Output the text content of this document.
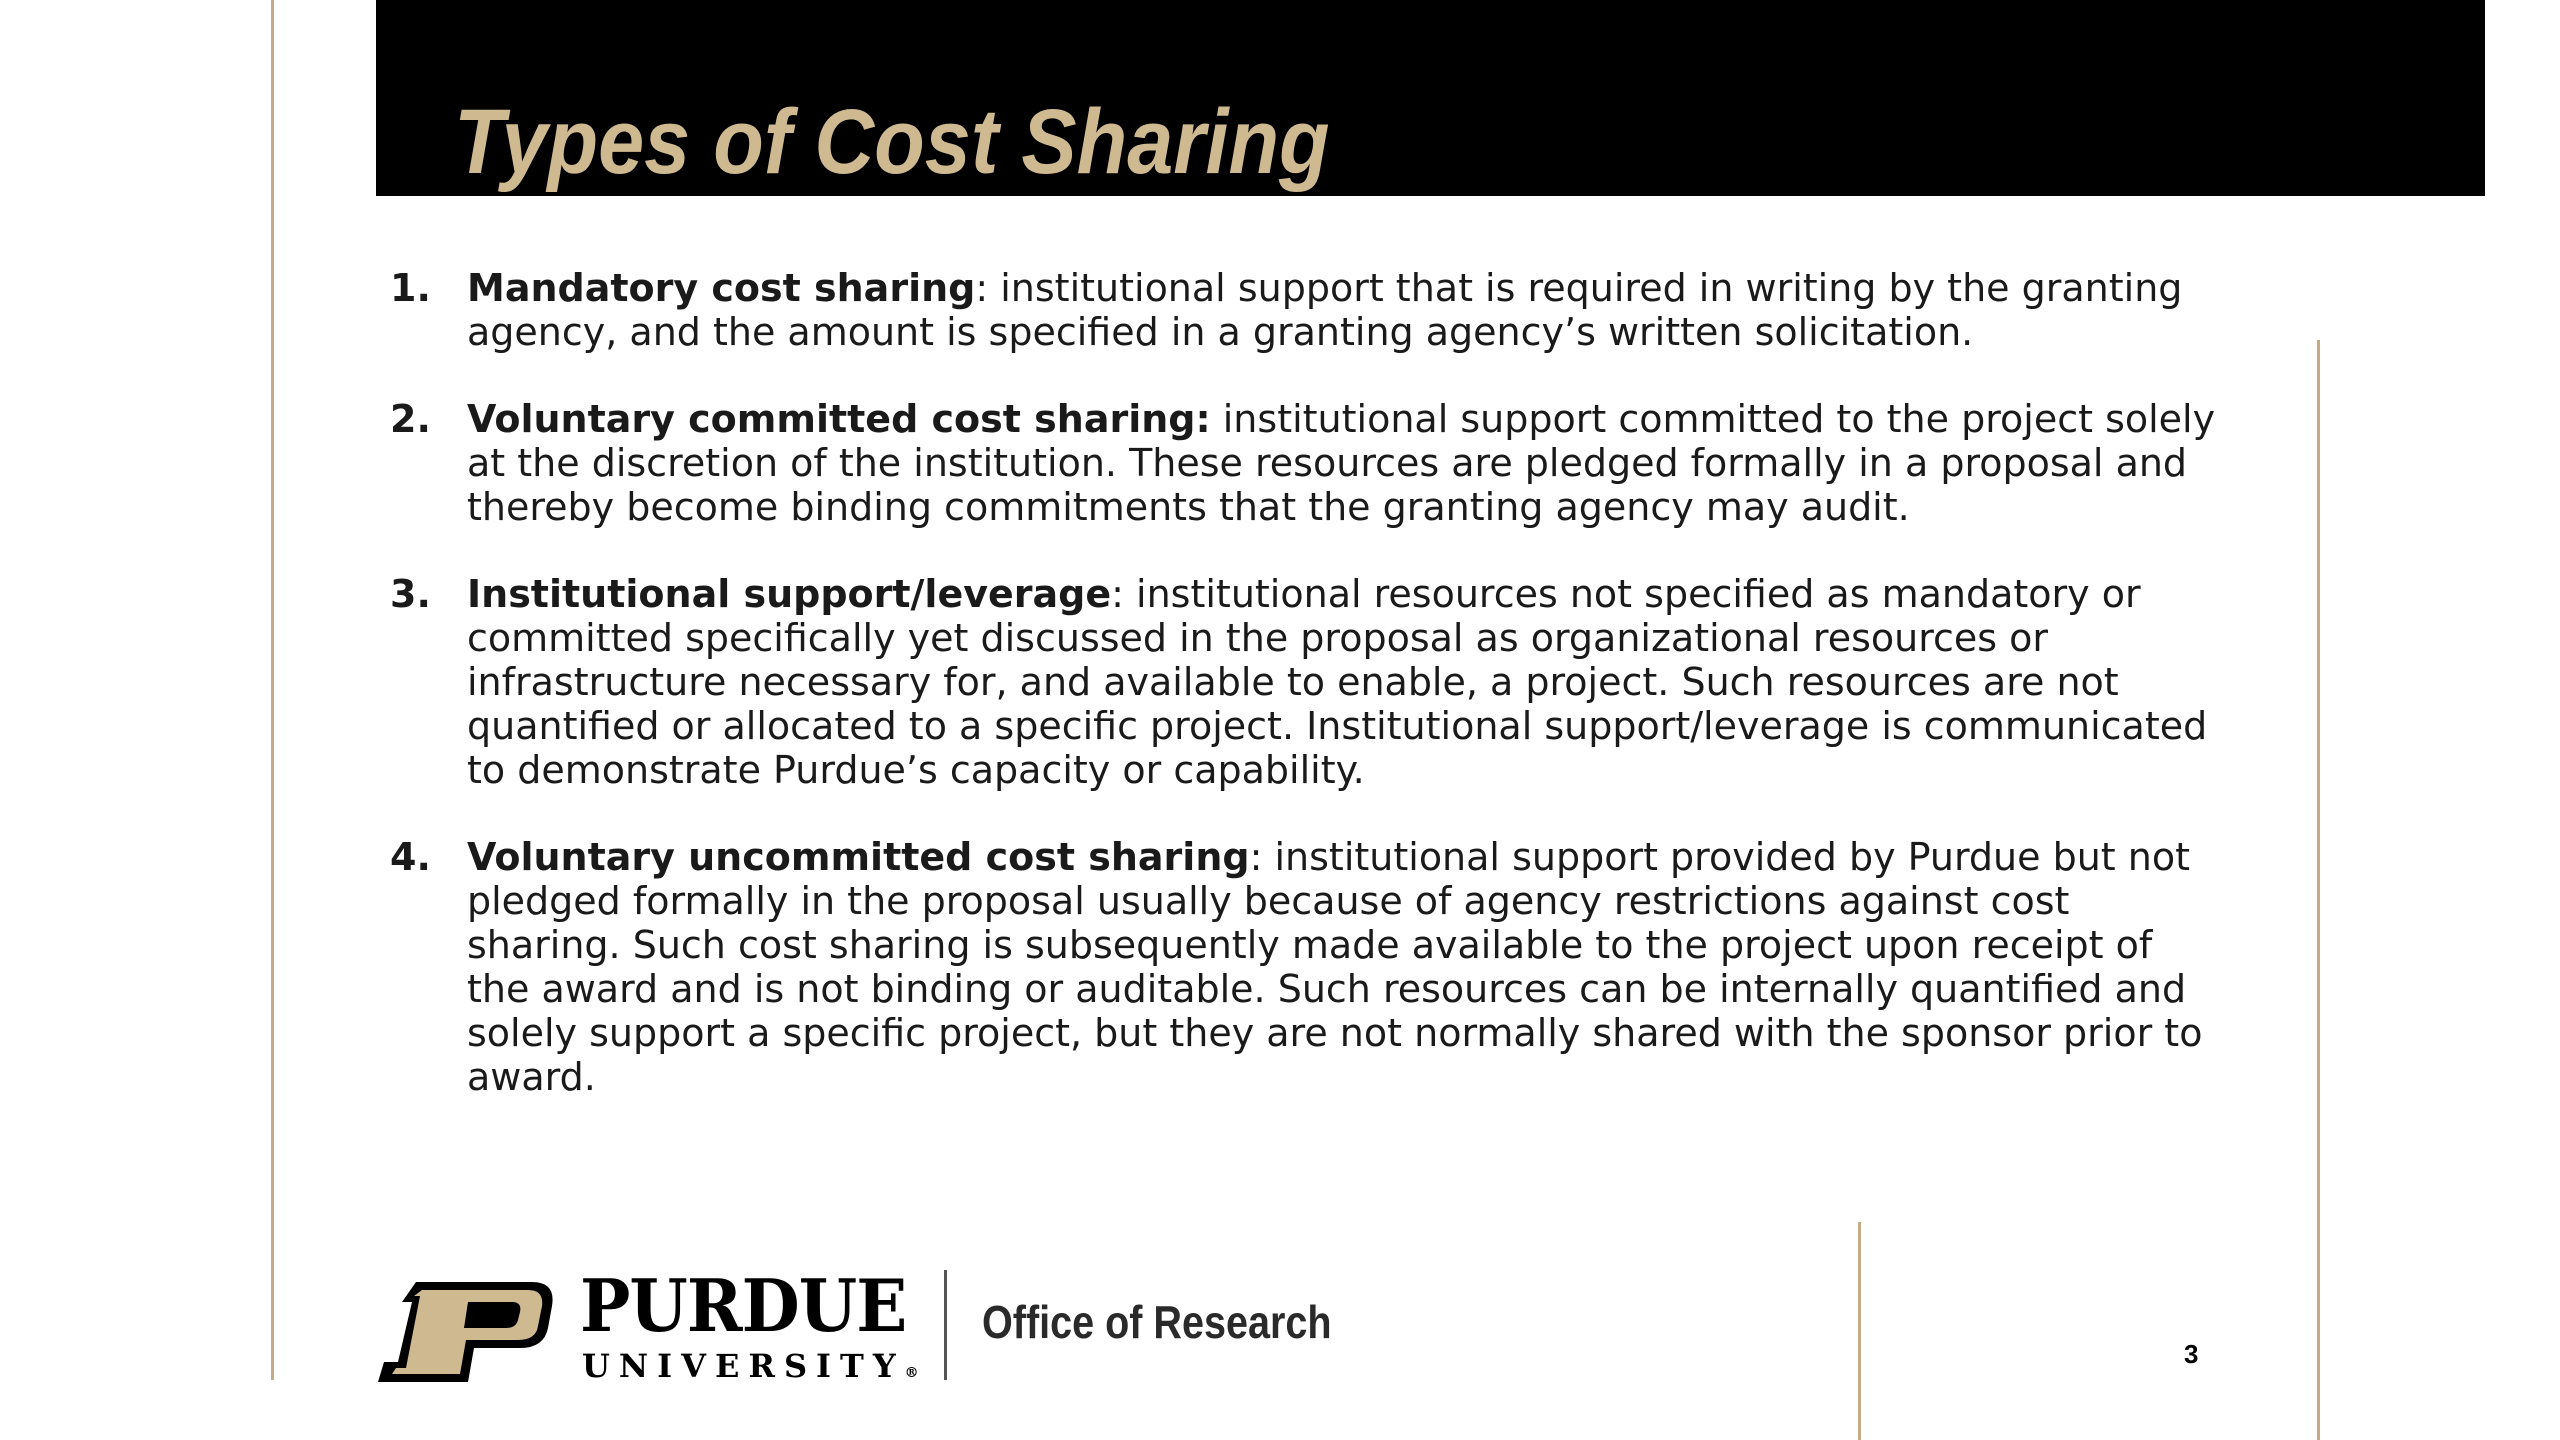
Types of Cost Sharing
1. Mandatory cost sharing: institutional support that is required in writing by the granting agency, and the amount is specified in a granting agency’s written solicitation.
2. Voluntary committed cost sharing: institutional support committed to the project solely at the discretion of the institution. These resources are pledged formally in a proposal and thereby become binding commitments that the granting agency may audit.
3. Institutional support/leverage: institutional resources not specified as mandatory or committed specifically yet discussed in the proposal as organizational resources or infrastructure necessary for, and available to enable, a project. Such resources are not quantified or allocated to a specific project. Institutional support/leverage is communicated to demonstrate Purdue’s capacity or capability.
4. Voluntary uncommitted cost sharing: institutional support provided by Purdue but not pledged formally in the proposal usually because of agency restrictions against cost sharing. Such cost sharing is subsequently made available to the project upon receipt of the award and is not binding or auditable. Such resources can be internally quantified and solely support a specific project, but they are not normally shared with the sponsor prior to award.
PURDUE
UNIVERSITY®
Office of Research
3
